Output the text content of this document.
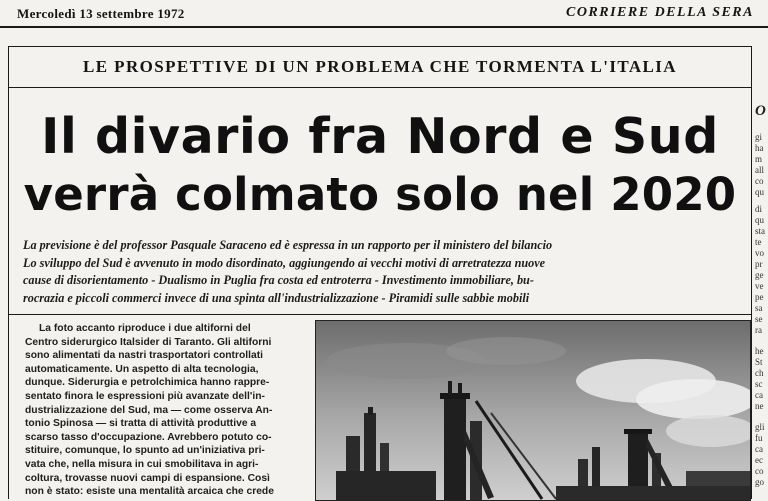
Mercoledì 13 settembre 1972	CORRIERE DELLA SERA
LE PROSPETTIVE DI UN PROBLEMA CHE TORMENTA L'ITALIA
Il divario fra Nord e Sud
verrà colmato solo nel 2020
La previsione è del professor Pasquale Saraceno ed è espressa in un rapporto per il ministero del bilancio
Lo sviluppo del Sud è avvenuto in modo disordinato, aggiungendo ai vecchi motivi di arretratezza nuove
cause di disorientamento - Dualismo in Puglia fra costa ed entroterra - Investimento immobiliare, bu-
rocrazia e piccoli commerci invece di una spinta all'industrializzazione - Piramidi sulle sabbie mobili
La foto accanto riproduce i due altiforni del
Centro siderurgico Italsider di Taranto. Gli altiforni
sono alimentati da nastri trasportatori controllati
automaticamente. Un aspetto di alta tecnologia,
dunque. Siderurgia e petrolchimica hanno rappre-
sentato finora le espressioni più avanzate dell'in-
dustrializzazione del Sud, ma — come osserva An-
tonio Spinosa — si tratta di attività produttive a
scarso tasso d'occupazione. Avrebbero potuto co-
stituire, comunque, lo spunto ad un'iniziativa pri-
vata che, nella misura in cui smobilitava in agri-
coltura, trovasse nuovi campi di espansione. Così
non è stato: esiste una mentalità arcaica che crede
O
gi
ha
m
all
co
qu
di
qu
sta
te
vo
pr
ge
ve
pe
sa
se
ra
he
St
ch
sc
ca
ne
gli
fu
ca
ec
co
go
